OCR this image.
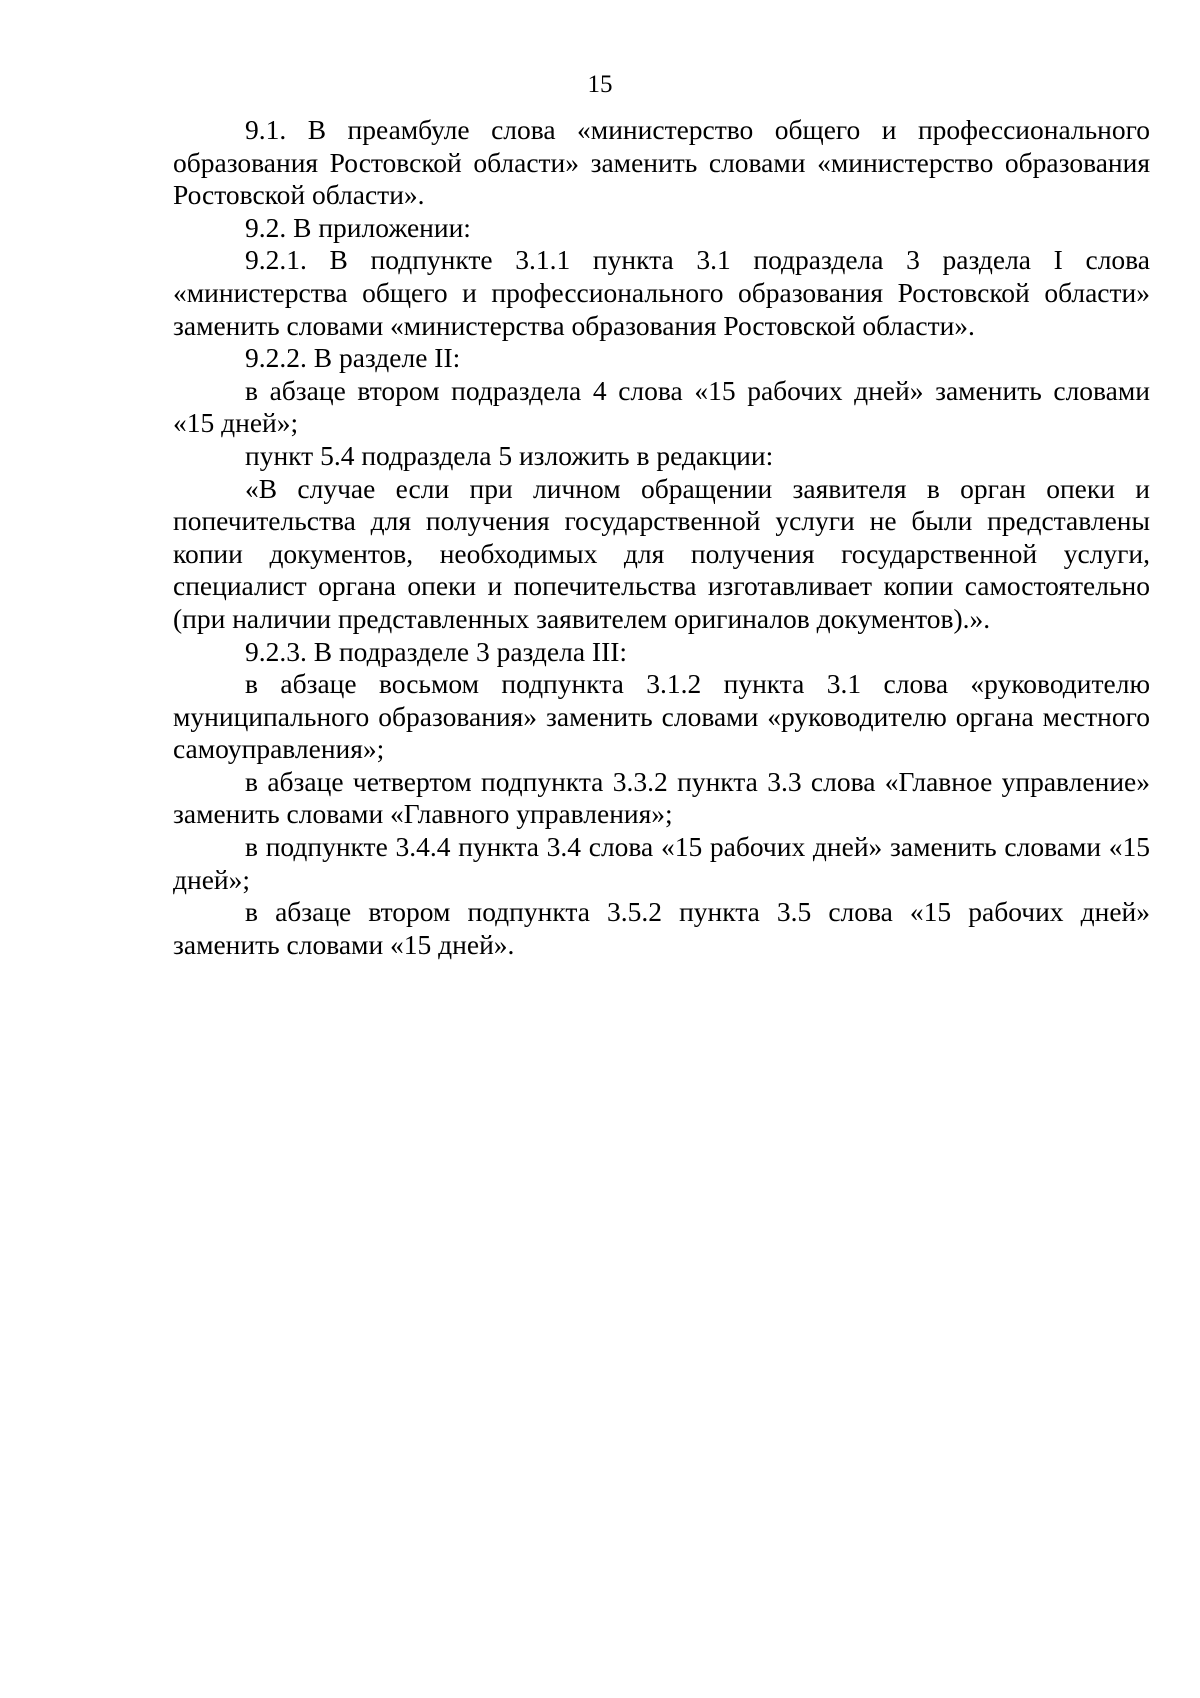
15

9.1. В преамбуле слова «министерство общего и профессионального образования Ростовской области» заменить словами «министерство образования Ростовской области».

9.2. В приложении:

9.2.1. В подпункте 3.1.1 пункта 3.1 подраздела 3 раздела I слова «министерства общего и профессионального образования Ростовской области» заменить словами «министерства образования Ростовской области».

9.2.2. В разделе II:

в абзаце втором подраздела 4 слова «15 рабочих дней» заменить словами «15 дней»;

пункт 5.4 подраздела 5 изложить в редакции:

«В случае если при личном обращении заявителя в орган опеки и попечительства для получения государственной услуги не были представлены копии документов, необходимых для получения государственной услуги, специалист органа опеки и попечительства изготавливает копии самостоятельно (при наличии представленных заявителем оригиналов документов).».

9.2.3. В подразделе 3 раздела III:

в абзаце восьмом подпункта 3.1.2 пункта 3.1 слова «руководителю муниципального образования» заменить словами «руководителю органа местного самоуправления»;

в абзаце четвертом подпункта 3.3.2 пункта 3.3 слова «Главное управление» заменить словами «Главного управления»;

в подпункте 3.4.4 пункта 3.4 слова «15 рабочих дней» заменить словами «15 дней»;

в абзаце втором подпункта 3.5.2 пункта 3.5 слова «15 рабочих дней» заменить словами «15 дней».
